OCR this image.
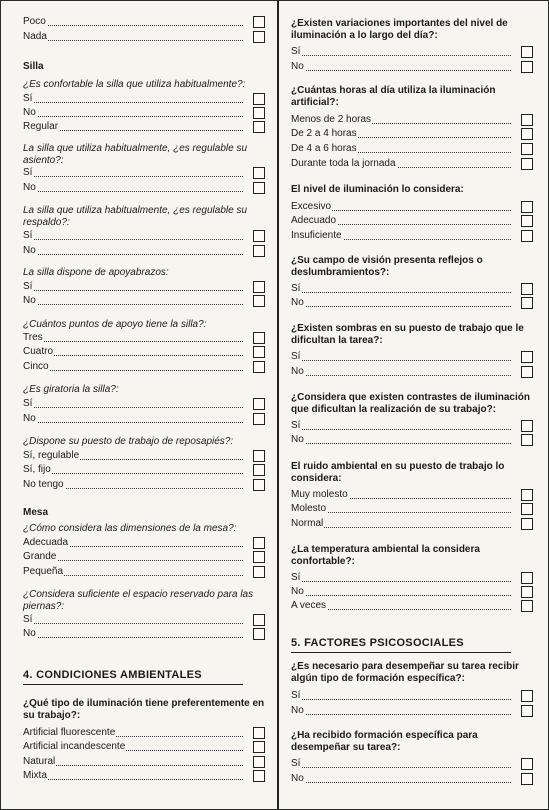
Poco
Nada
Silla
¿Es confortable la silla que utiliza habitualmente?:
Sí
No
Regular
La silla que utiliza habitualmente, ¿es regulable su asiento?:
Sí
No
La silla que utiliza habitualmente, ¿es regulable su respaldo?:
Sí
No
La silla dispone de apoyabrazos:
Sí
No
¿Cuántos puntos de apoyo tiene la silla?:
Tres
Cuatro
Cinco
¿Es giratoria la silla?:
Sí
No
¿Dispone su puesto de trabajo de reposapiés?:
Sí, regulable
Sí, fijo
No tengo
Mesa
¿Cómo considera las dimensiones de la mesa?:
Adecuada
Grande
Pequeña
¿Considera suficiente el espacio reservado para las piernas?:
Sí
No
4. CONDICIONES AMBIENTALES
¿Qué tipo de iluminación tiene preferentemente en su trabajo?:
Artificial fluorescente
Artificial incandescente
Natural
Mixta
¿Existen variaciones importantes del nivel de iluminación a lo largo del día?:
Sí
No
¿Cuántas horas al día utiliza la iluminación artificial?:
Menos de 2 horas
De 2 a 4 horas
De 4 a 6 horas
Durante toda la jornada
El nivel de iluminación lo considera:
Excesivo
Adecuado
Insuficiente
¿Su campo de visión presenta reflejos o deslumbramientos?:
Sí
No
¿Existen sombras en su puesto de trabajo que le dificultan la tarea?:
Sí
No
¿Considera que existen contrastes de iluminación que dificultan la realización de su trabajo?:
Sí
No
El ruido ambiental en su puesto de trabajo lo considera:
Muy molesto
Molesto
Normal
¿La temperatura ambiental la considera confortable?:
Sí
No
A veces
5. FACTORES PSICOSOCIALES
¿Es necesario para desempeñar su tarea recibir algún tipo de formación específica?:
Sí
No
¿Ha recibido formación específica para desempeñar su tarea?:
Sí
No
